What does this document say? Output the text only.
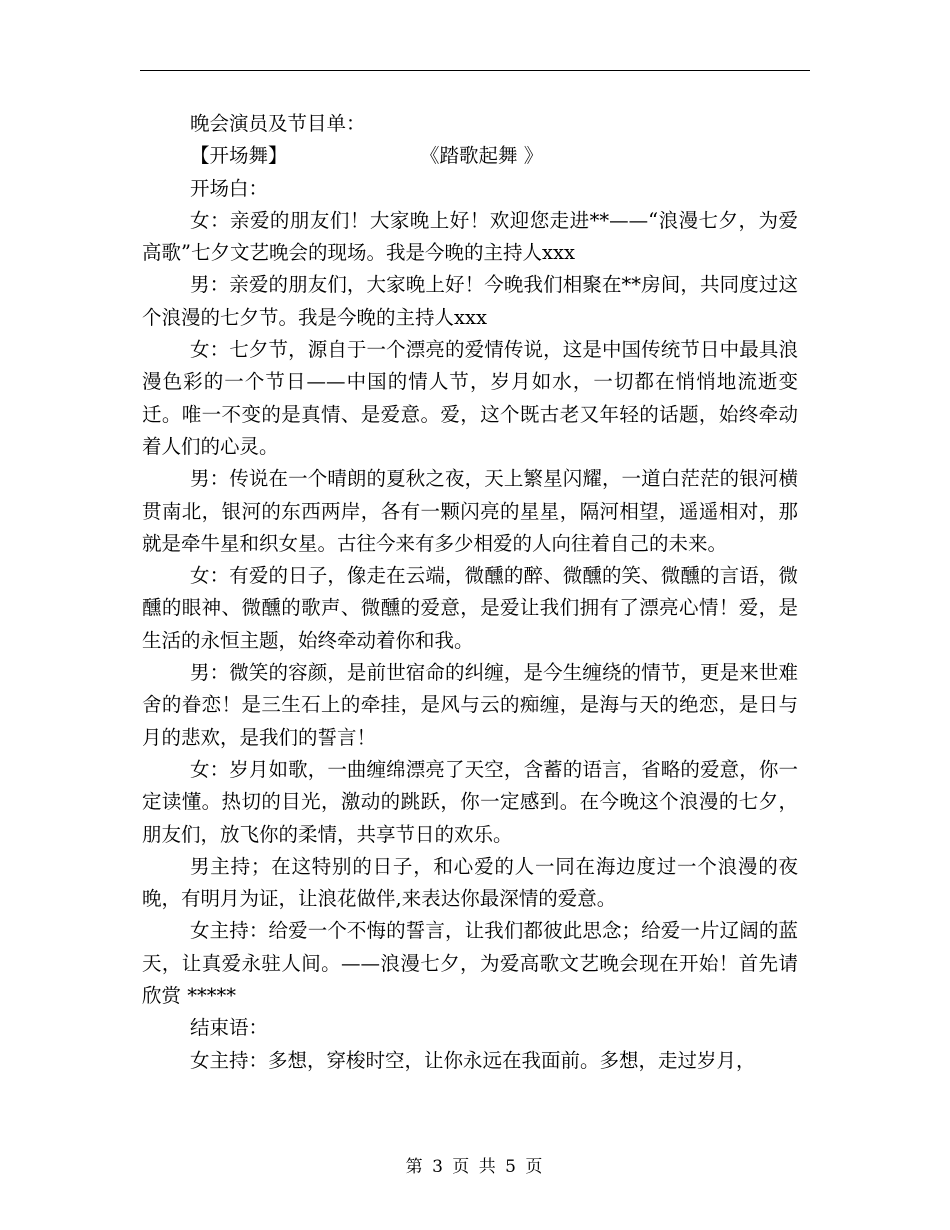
晚会演员及节目单：

【开场舞】	《踏歌起舞 》

开场白：

女：亲爱的朋友们！大家晚上好！欢迎您走进**——“浪漫七夕，为爱高歌”七夕文艺晚会的现场。我是今晚的主持人xxx

男：亲爱的朋友们，大家晚上好！今晚我们相聚在**房间，共同度过这个浪漫的七夕节。我是今晚的主持人xxx

女：七夕节，源自于一个漂亮的爱情传说，这是中国传统节日中最具浪漫色彩的一个节日——中国的情人节，岁月如水，一切都在悄悄地流逝变迁。唯一不变的是真情、是爱意。爱，这个既古老又年轻的话题，始终牵动着人们的心灵。

男：传说在一个晴朗的夏秋之夜，天上繁星闪耀，一道白茫茫的银河横贯南北，银河的东西两岸，各有一颗闪亮的星星，隔河相望，遥遥相对，那就是牵牛星和织女星。古往今来有多少相爱的人向往着自己的未来。

女：有爱的日子，像走在云端，微醺的醉、微醺的笑、微醺的言语，微醺的眼神、微醺的歌声、微醺的爱意，是爱让我们拥有了漂亮心情！爱，是生活的永恒主题，始终牵动着你和我。

男：微笑的容颜，是前世宿命的纠缠，是今生缠绕的情节，更是来世难舍的眷恋！是三生石上的牵挂，是风与云的痴缠，是海与天的绝恋，是日与月的悲欢，是我们的誓言！

女：岁月如歌，一曲缠绵漂亮了天空，含蓄的语言，省略的爱意，你一定读懂。热切的目光，激动的跳跃，你一定感到。在今晚这个浪漫的七夕，朋友们，放飞你的柔情，共享节日的欢乐。

男主持；在这特别的日子，和心爱的人一同在海边度过一个浪漫的夜晚，有明月为证，让浪花做伴,来表达你最深情的爱意。

女主持：给爱一个不悔的誓言，让我们都彼此思念；给爱一片辽阔的蓝天，让真爱永驻人间。——浪漫七夕，为爱高歌文艺晚会现在开始！首先请欣赏 *****

结束语：

女主持：多想，穿梭时空，让你永远在我面前。多想，走过岁月，

第 3 页 共 5 页
